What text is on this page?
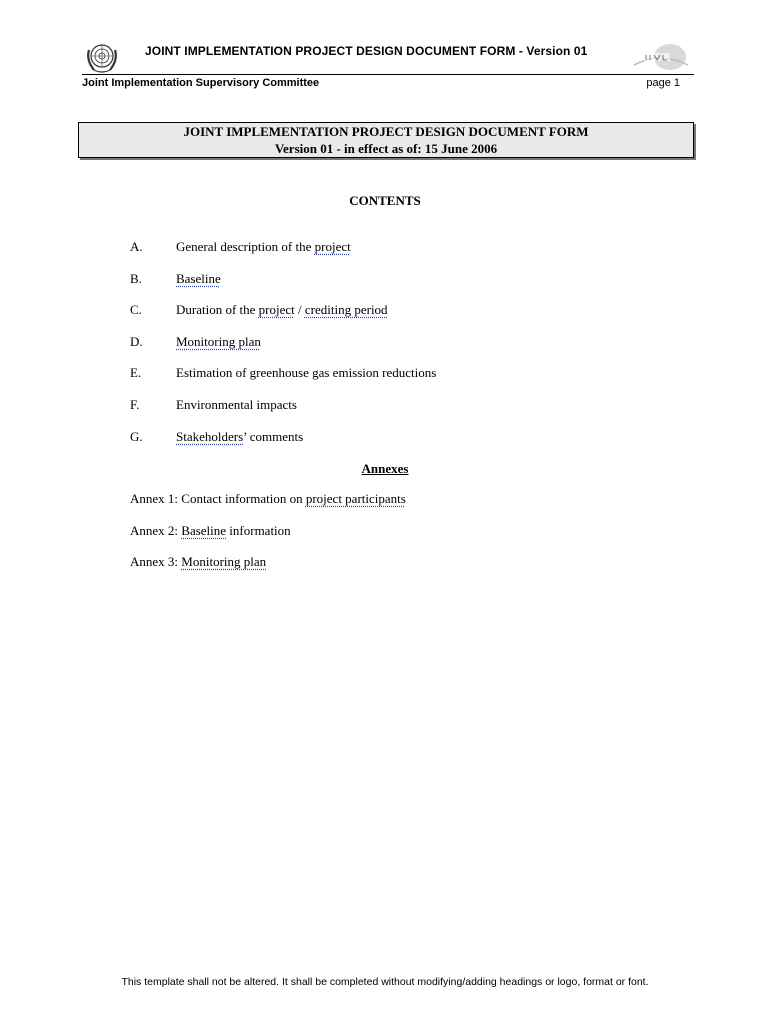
JOINT IMPLEMENTATION PROJECT DESIGN DOCUMENT FORM - Version 01
Joint Implementation Supervisory Committee	page 1
JOINT IMPLEMENTATION PROJECT DESIGN DOCUMENT FORM
Version 01 - in effect as of: 15 June 2006
CONTENTS
A.	General description of the project
B.	Baseline
C.	Duration of the project / crediting period
D.	Monitoring plan
E.	Estimation of greenhouse gas emission reductions
F.	Environmental impacts
G.	Stakeholders’ comments
Annexes
Annex 1: Contact information on project participants
Annex 2: Baseline information
Annex 3: Monitoring plan
This template shall not be altered. It shall be completed without modifying/adding headings or logo, format or font.
